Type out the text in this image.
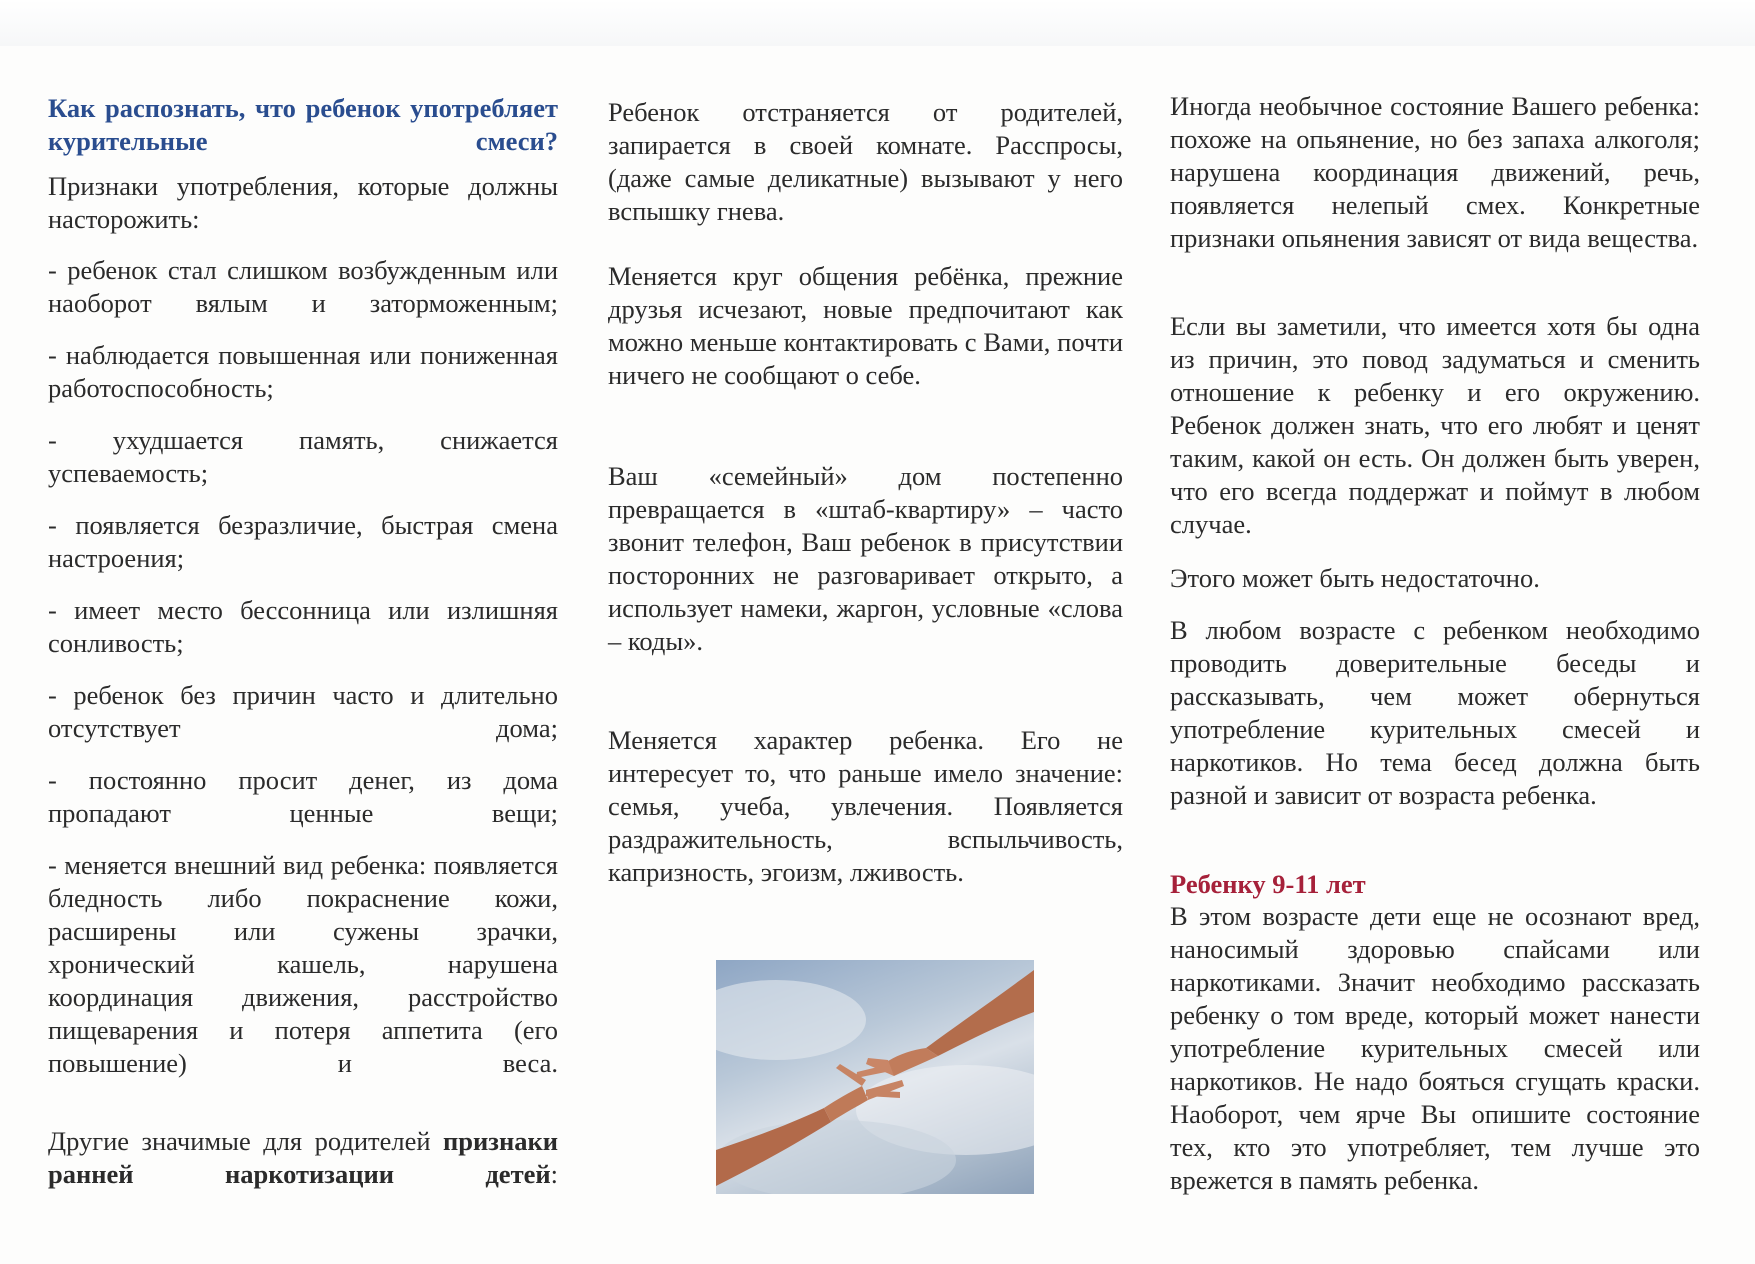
Как распознать, что ребенок употребляет курительные смеси?

Признаки употребления, которые должны насторожить:

- ребенок стал слишком возбужденным или наоборот вялым и заторможенным;

- наблюдается повышенная или пониженная работоспособность;

- ухудшается память, снижается успеваемость;

- появляется безразличие, быстрая смена настроения;

- имеет место бессонница или излишняя сонливость;

- ребенок без причин часто и длительно отсутствует дома;

- постоянно просит денег, из дома пропадают ценные вещи;

- меняется внешний вид ребенка: появляется бледность либо покраснение кожи, расширены или сужены зрачки, хронический кашель, нарушена координация движения, расстройство пищеварения и потеря аппетита (его повышение) и веса.

Другие значимые для родителей признаки ранней наркотизации детей:

Ребенок отстраняется от родителей, запирается в своей комнате. Расспросы, (даже самые деликатные) вызывают у него вспышку гнева.

Меняется круг общения ребёнка, прежние друзья исчезают, новые предпочитают как можно меньше контактировать с Вами, почти ничего не сообщают о себе.

Ваш «семейный» дом постепенно превращается в «штаб-квартиру» – часто звонит телефон, Ваш ребенок в присутствии посторонних не разговаривает открыто, а использует намеки, жаргон, условные «слова – коды».

Меняется характер ребенка. Его не интересует то, что раньше имело значение: семья, учеба, увлечения. Появляется раздражительность, вспыльчивость, капризность, эгоизм, лживость.

Иногда необычное состояние Вашего ребенка: похоже на опьянение, но без запаха алкоголя; нарушена координация движений, речь, появляется нелепый смех. Конкретные признаки опьянения зависят от вида вещества.

Если вы заметили, что имеется хотя бы одна из причин, это повод задуматься и сменить отношение к ребенку и его окружению. Ребенок должен знать, что его любят и ценят таким, какой он есть. Он должен быть уверен, что его всегда поддержат и поймут в любом случае.

Этого может быть недостаточно.

В любом возрасте с ребенком необходимо проводить доверительные беседы и рассказывать, чем может обернуться употребление курительных смесей и наркотиков. Но тема бесед должна быть разной и зависит от возраста ребенка.

Ребенку 9-11 лет

В этом возрасте дети еще не осознают вред, наносимый здоровью спайсами или наркотиками. Значит необходимо рассказать ребенку о том вреде, который может нанести употребление курительных смесей или наркотиков. Не надо бояться сгущать краски. Наоборот, чем ярче Вы опишите состояние тех, кто это употребляет, тем лучше это врежется в память ребенка.
